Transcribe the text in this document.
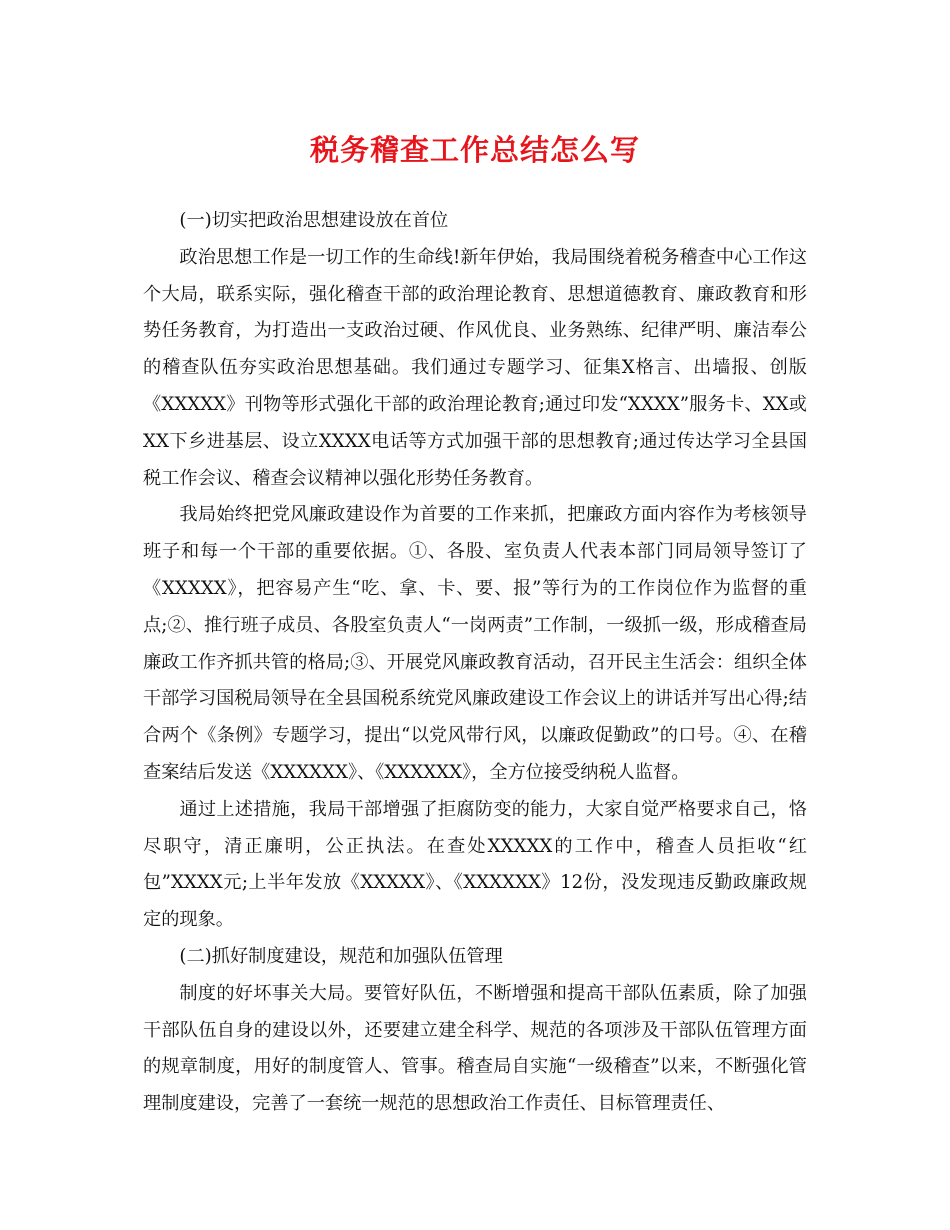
税务稽查工作总结怎么写

(一)切实把政治思想建设放在首位

政治思想工作是一切工作的生命线!新年伊始，我局围绕着税务稽查中心工作这个大局，联系实际，强化稽查干部的政治理论教育、思想道德教育、廉政教育和形势任务教育，为打造出一支政治过硬、作风优良、业务熟练、纪律严明、廉洁奉公的稽查队伍夯实政治思想基础。我们通过专题学习、征集X格言、出墙报、创版《XXXXX》刊物等形式强化干部的政治理论教育;通过印发“XXXX”服务卡、XX或XX下乡进基层、设立XXXX电话等方式加强干部的思想教育;通过传达学习全县国税工作会议、稽查会议精神以强化形势任务教育。

我局始终把党风廉政建设作为首要的工作来抓，把廉政方面内容作为考核领导班子和每一个干部的重要依据。①、各股、室负责人代表本部门同局领导签订了《XXXXX》，把容易产生“吃、拿、卡、要、报”等行为的工作岗位作为监督的重点;②、推行班子成员、各股室负责人“一岗两责”工作制，一级抓一级，形成稽查局廉政工作齐抓共管的格局;③、开展党风廉政教育活动，召开民主生活会：组织全体干部学习国税局领导在全县国税系统党风廉政建设工作会议上的讲话并写出心得;结合两个《条例》专题学习，提出“以党风带行风，以廉政促勤政”的口号。④、在稽查案结后发送《XXXXXX》、《XXXXXX》，全方位接受纳税人监督。

通过上述措施，我局干部增强了拒腐防变的能力，大家自觉严格要求自己，恪尽职守，清正廉明，公正执法。在查处XXXXX的工作中，稽查人员拒收“红包”XXXX元;上半年发放《XXXXX》、《XXXXXX》12份，没发现违反勤政廉政规定的现象。

(二)抓好制度建设，规范和加强队伍管理

制度的好坏事关大局。要管好队伍，不断增强和提高干部队伍素质，除了加强干部队伍自身的建设以外，还要建立建全科学、规范的各项涉及干部队伍管理方面的规章制度，用好的制度管人、管事。稽查局自实施“一级稽查”以来，不断强化管理制度建设，完善了一套统一规范的思想政治工作责任、目标管理责任、
